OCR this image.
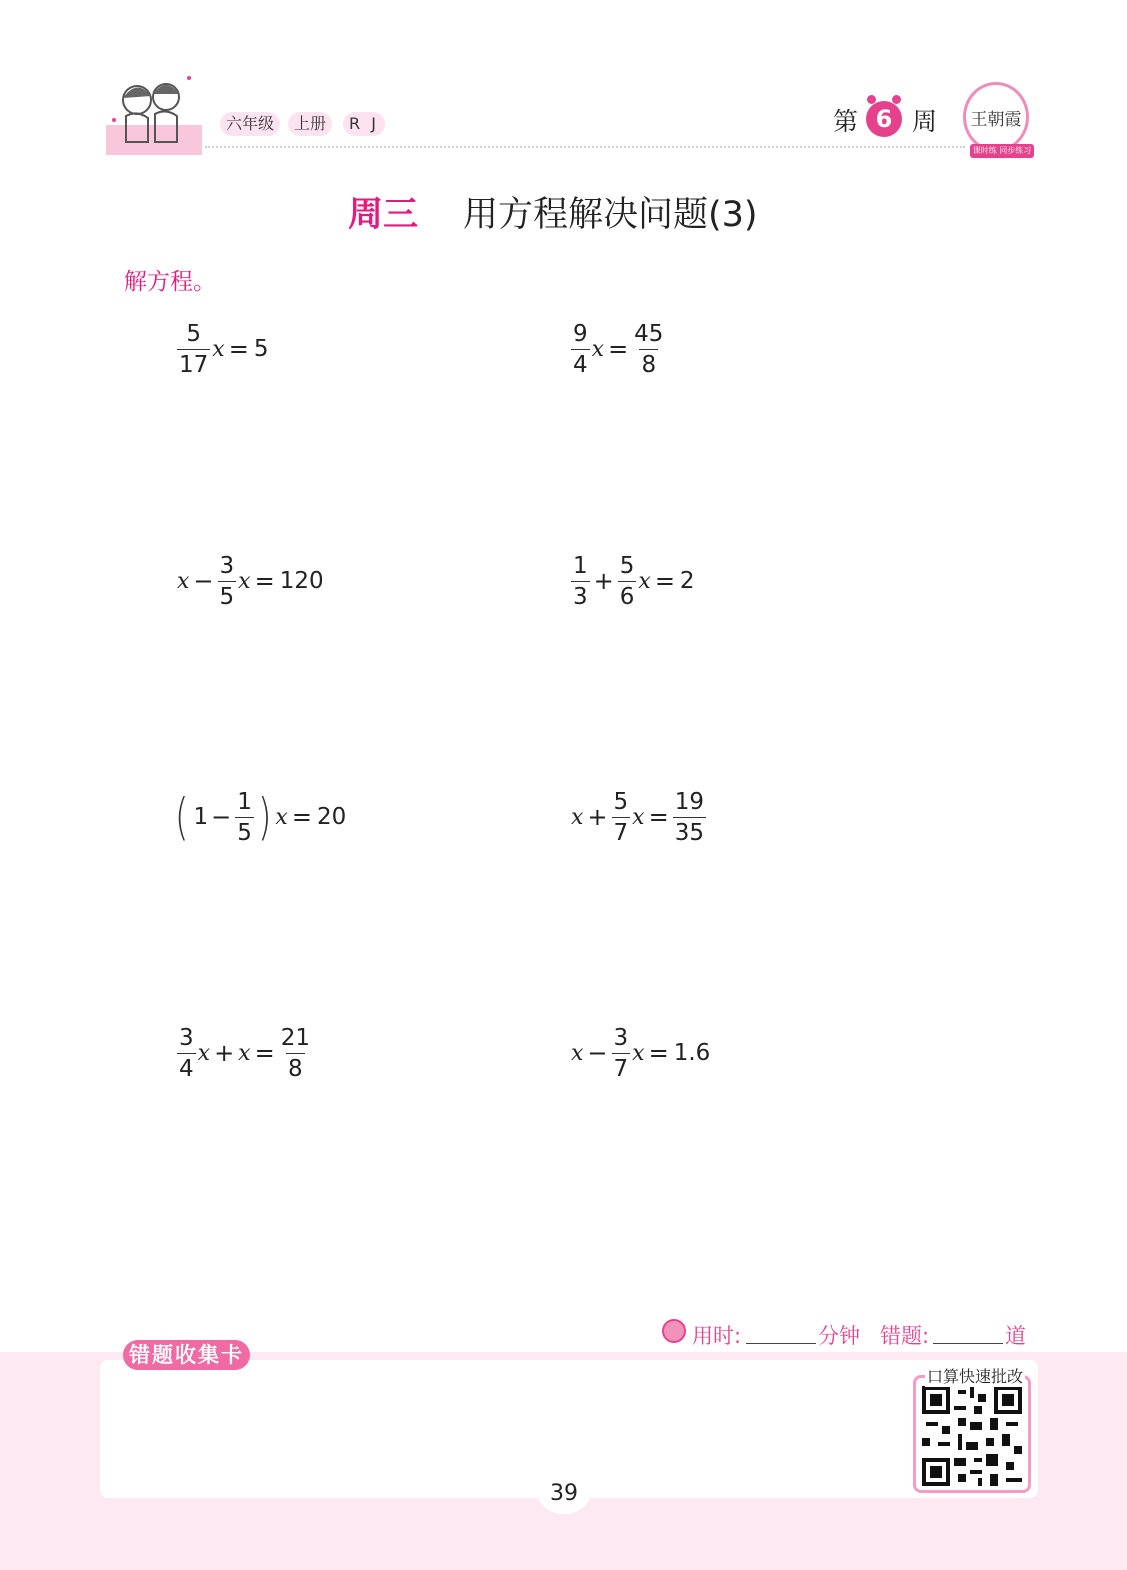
六年级	上册	R J	第 6 周 王朝霞
课时练 同步练习
周三 用方程解决问题(3)
解方程。
$\frac{5}{17}$ x = 5	$\frac{9}{4}$ $x = \frac{45}{8}$
$x - \frac{3}{5}$ x = 120	$\frac{1}{3} + \frac{5}{6}$ x = 2
( $1 - \frac{1}{5}$ ) x = 20	$x + \frac{5}{7}$ $x = \frac{19}{35}$
$\frac{3}{4}$ $x + x = \frac{21}{8}$	$x - \frac{3}{7}$ x = 1.6
用时:	分钟 错题:	道
错题收集卡
口算快速批改
39
